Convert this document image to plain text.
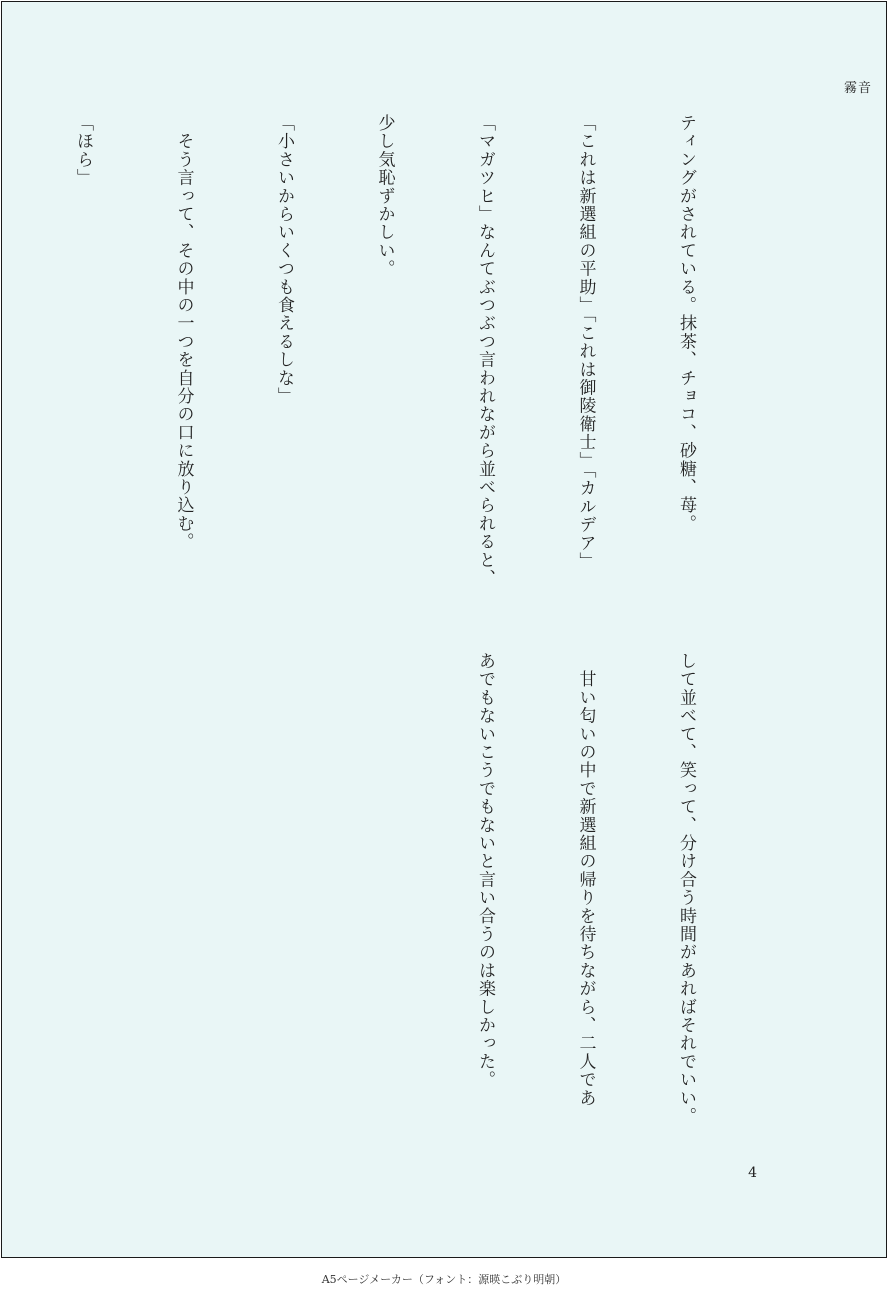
霧音

ティングがされている。抹茶、チョコ、砂糖、苺。

「これは新選組の平助」「これは御陵衛士」「カルデア」

「マガツヒ」なんてぶつぶつ言われながら並べられると、

少し気恥ずかしい。

「小さいからいくつも食えるしな」

　そう言って、その中の一つを自分の口に放り込む。

「ほら」

して並べて、笑って、分け合う時間があればそれでいい。

　甘い匂いの中で新選組の帰りを待ちながら、二人であ

あでもないこうでもないと言い合うのは楽しかった。

4
A5ページメーカー（フォント：源暎こぶり明朝）
